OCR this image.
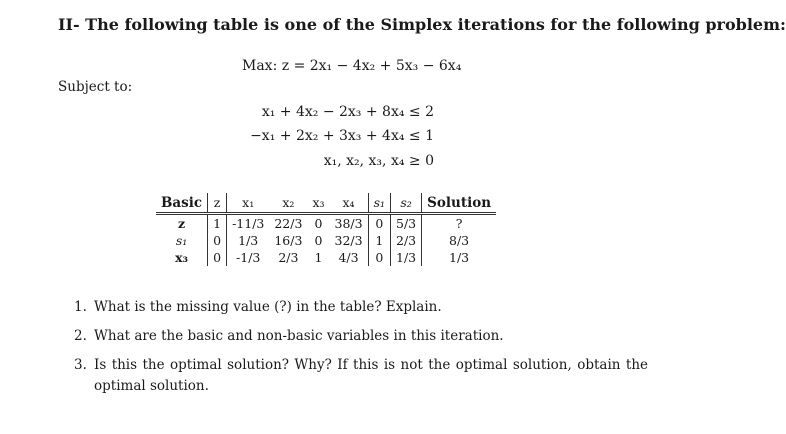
II- The following table is one of the Simplex iterations for the following problem:
Max: z = 2x₁ − 4x₂ + 5x₃ − 6x₄
Subject to:
x₁ + 4x₂ − 2x₃ + 8x₄ ≤ 2
−x₁ + 2x₂ + 3x₃ + 4x₄ ≤ 1
x₁, x₂, x₃, x₄ ≥ 0
Basic	z	x₁	x₂	x₃	x₄	s₁	s₂	Solution
z	1	-11/3	22/3	0	38/3	0	5/3	?
s₁	0	1/3	16/3	0	32/3	1	2/3	8/3
x₃	0	-1/3	2/3	1	4/3	0	1/3	1/3
1. What is the missing value (?) in the table? Explain.
2. What are the basic and non-basic variables in this iteration.
3. Is this the optimal solution? Why? If this is not the optimal solution, obtain the optimal solution.
